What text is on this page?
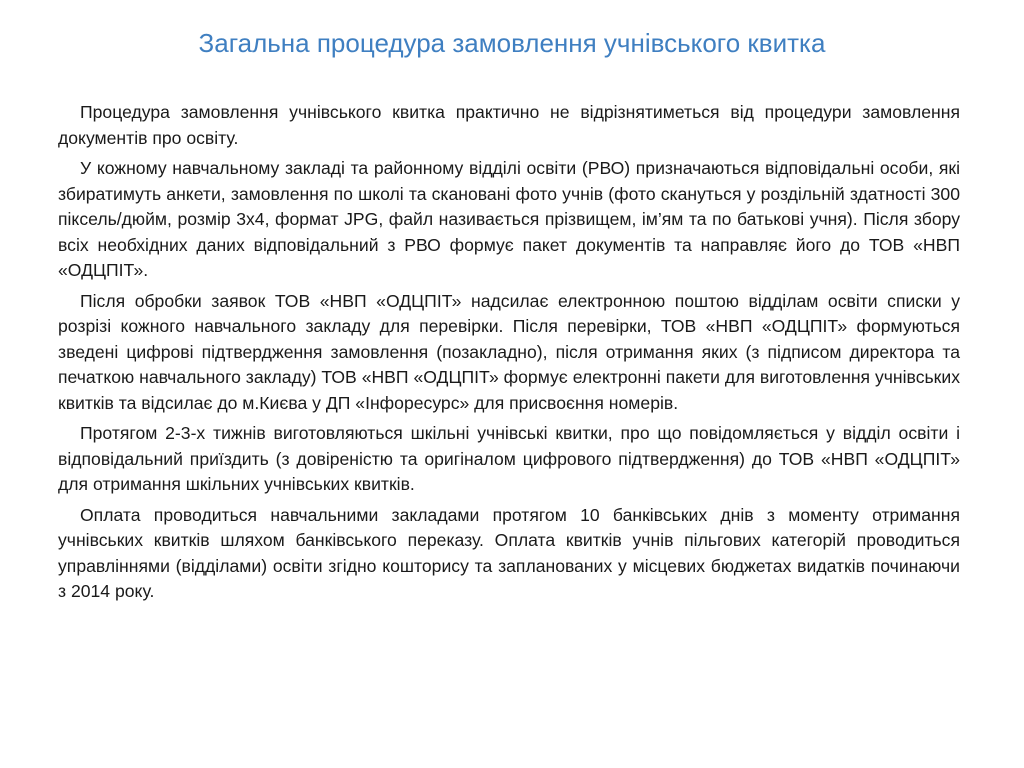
Загальна процедура замовлення учнівського квитка

Процедура замовлення учнівського квитка практично не відрізнятиметься від процедури замовлення документів про освіту.

У кожному навчальному закладі та районному відділі освіти (РВО) призначаються відповідальні особи, які збиратимуть анкети, замовлення по школі та скановані фото учнів (фото скануться у роздільній здатності 300 піксель/дюйм, розмір 3х4, формат JPG, файл називається прізвищем, ім’ям та по батькові учня). Після збору всіх необхідних даних відповідальний з РВО формує пакет документів та направляє його до ТОВ «НВП «ОДЦПІТ».

Після обробки заявок ТОВ «НВП «ОДЦПІТ» надсилає електронною поштою відділам освіти списки у розрізі кожного навчального закладу для перевірки. Після перевірки, ТОВ «НВП «ОДЦПІТ» формуються зведені цифрові підтвердження замовлення (позакладно), після отримання яких (з підписом директора та печаткою навчального закладу) ТОВ «НВП «ОДЦПІТ» формує електронні пакети для виготовлення учнівських квитків та відсилає до м.Києва у ДП «Інфоресурс» для присвоєння номерів.

Протягом 2-3-х тижнів виготовляються шкільні учнівські квитки, про що повідомляється у відділ освіти і відповідальний приїздить (з довіреністю та оригіналом цифрового підтвердження) до ТОВ «НВП «ОДЦПІТ» для отримання шкільних учнівських квитків.

Оплата проводиться навчальними закладами протягом 10 банківських днів з моменту отримання учнівських квитків шляхом банківського переказу. Оплата квитків учнів пільгових категорій проводиться управліннями (відділами) освіти згідно кошторису та запланованих у місцевих бюджетах видатків починаючи з 2014 року.
